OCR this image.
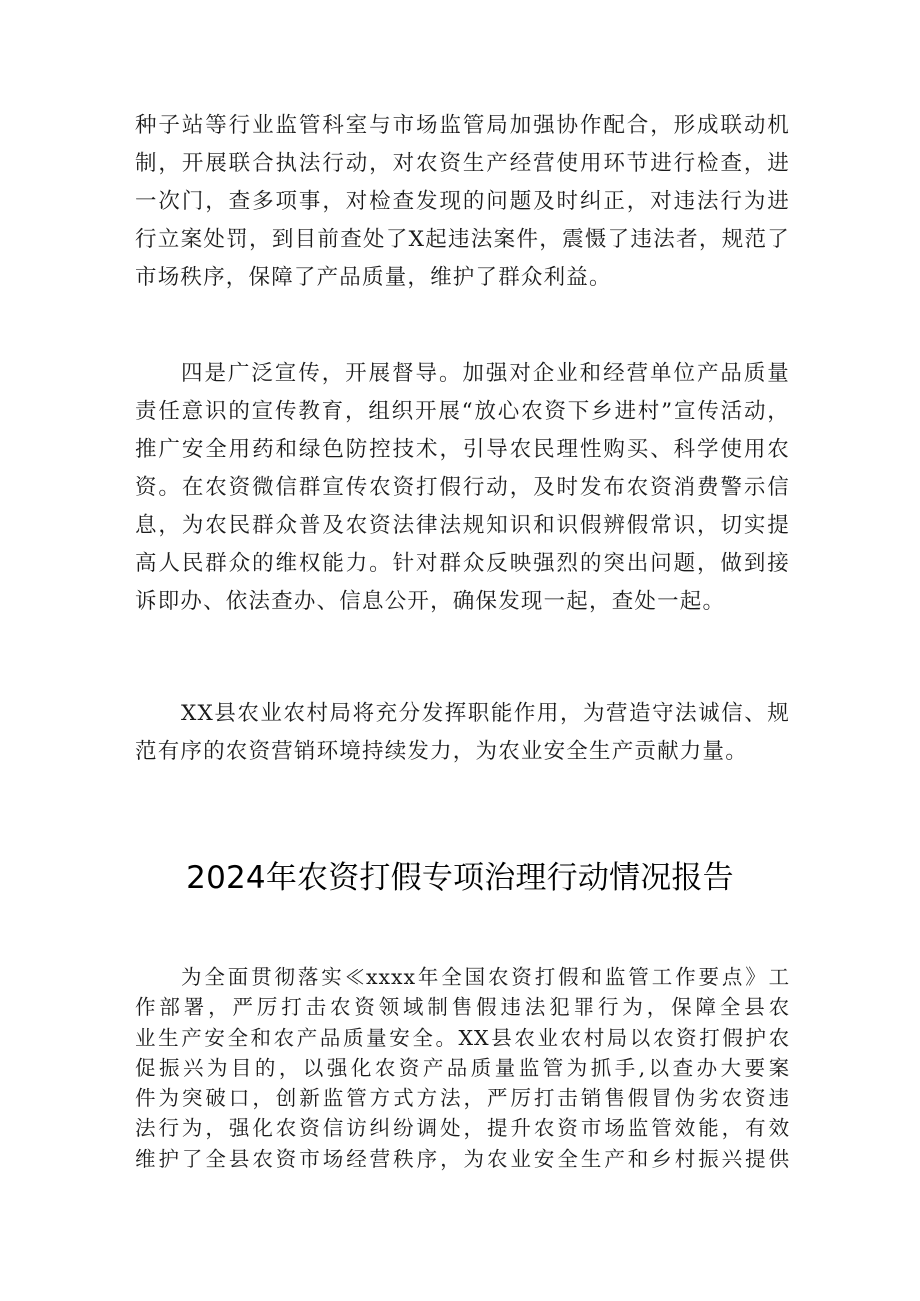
种子站等行业监管科室与市场监管局加强协作配合，形成联动机
制，开展联合执法行动，对农资生产经营使用环节进行检查，进
一次门，查多项事，对检查发现的问题及时纠正，对违法行为进
行立案处罚，到目前查处了X起违法案件，震慑了违法者，规范了
市场秩序，保障了产品质量，维护了群众利益。
四是广泛宣传，开展督导。加强对企业和经营单位产品质量
责任意识的宣传教育，组织开展“放心农资下乡进村”宣传活动，
推广安全用药和绿色防控技术，引导农民理性购买、科学使用农
资。在农资微信群宣传农资打假行动，及时发布农资消费警示信
息，为农民群众普及农资法律法规知识和识假辨假常识，切实提
高人民群众的维权能力。针对群众反映强烈的突出问题，做到接
诉即办、依法查办、信息公开，确保发现一起，查处一起。
XX县农业农村局将充分发挥职能作用，为营造守法诚信、规
范有序的农资营销环境持续发力，为农业安全生产贡献力量。
2024年农资打假专项治理行动情况报告
为全面贯彻落实≪xxxx年全国农资打假和监管工作要点》工
作部署，严厉打击农资领域制售假违法犯罪行为，保障全县农
业生产安全和农产品质量安全。XX县农业农村局以农资打假护农
促振兴为目的，以强化农资产品质量监管为抓手,以查办大要案
件为突破口，创新监管方式方法，严厉打击销售假冒伪劣农资违
法行为，强化农资信访纠纷调处，提升农资市场监管效能，有效
维护了全县农资市场经营秩序，为农业安全生产和乡村振兴提供
